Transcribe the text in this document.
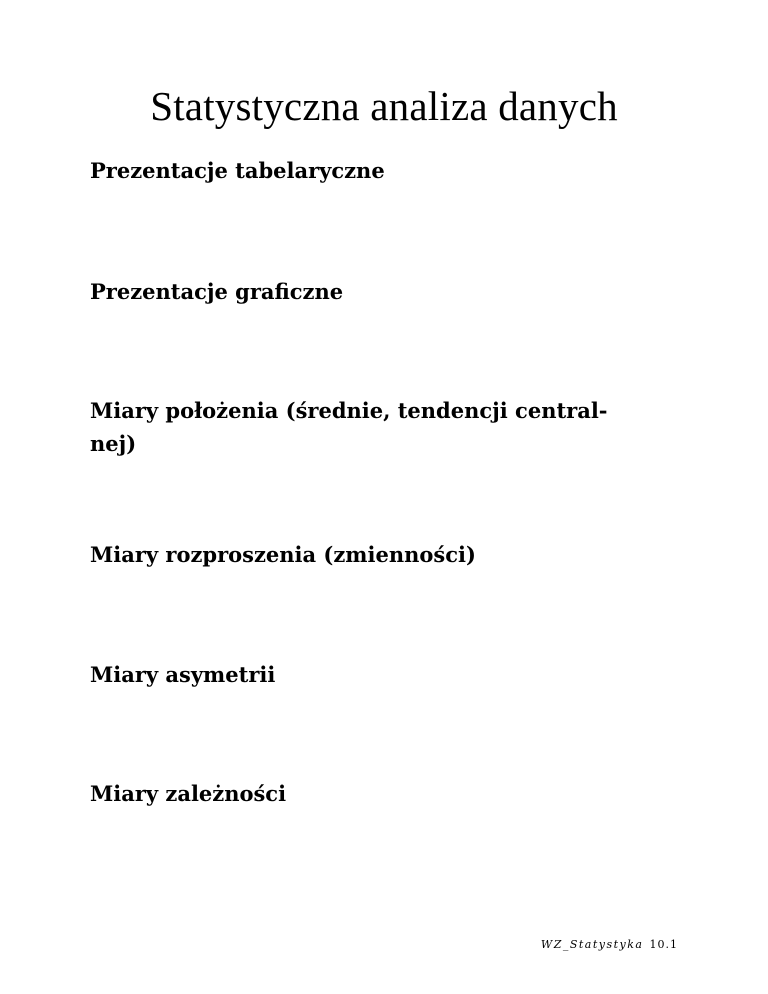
Statystyczna analiza danych

Prezentacje tabelaryczne

Prezentacje graficzne

Miary położenia (średnie, tendencji central-
nej)

Miary rozproszenia (zmienności)

Miary asymetrii

Miary zależności

WZ_Statystyka 10.1
